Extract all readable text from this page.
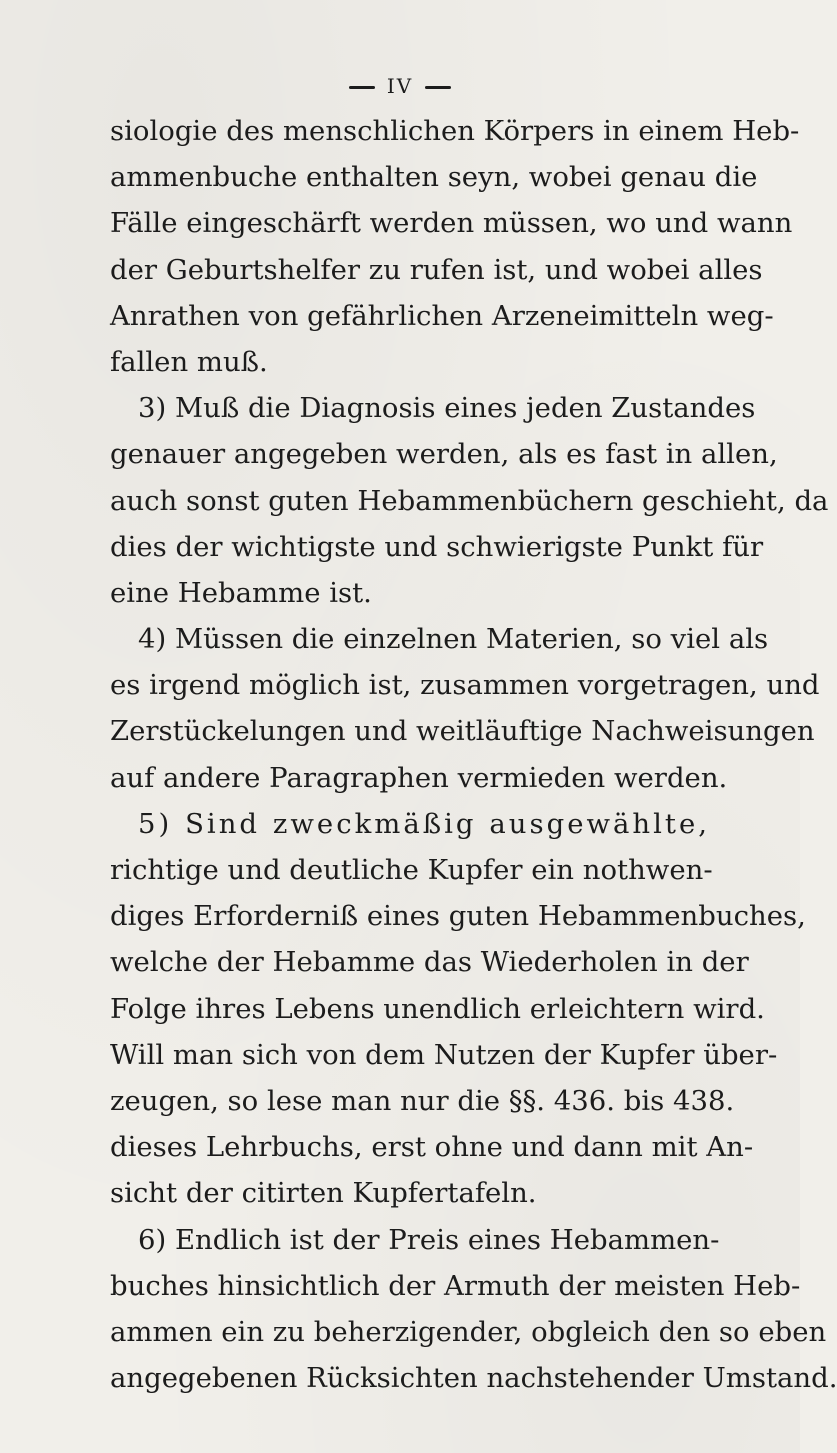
IV
siologie des menschlichen Körpers in einem Heb-
ammenbuche enthalten seyn, wobei genau die
Fälle eingeschärft werden müssen, wo und wann
der Geburtshelfer zu rufen ist, und wobei alles
Anrathen von gefährlichen Arzeneimitteln weg-
fallen muß.
3) Muß die Diagnosis eines jeden Zustandes
genauer angegeben werden, als es fast in allen,
auch sonst guten Hebammenbüchern geschieht, da
dies der wichtigste und schwierigste Punkt für
eine Hebamme ist.
4) Müssen die einzelnen Materien, so viel als
es irgend möglich ist, zusammen vorgetragen, und
Zerstückelungen und weitläuftige Nachweisungen
auf andere Paragraphen vermieden werden.
5) Sind zweckmäßig ausgewählte,
richtige und deutliche Kupfer ein nothwen-
diges Erforderniß eines guten Hebammenbuches,
welche der Hebamme das Wiederholen in der
Folge ihres Lebens unendlich erleichtern wird.
Will man sich von dem Nutzen der Kupfer über-
zeugen, so lese man nur die §§. 436. bis 438.
dieses Lehrbuchs, erst ohne und dann mit An-
sicht der citirten Kupfertafeln.
6) Endlich ist der Preis eines Hebammen-
buches hinsichtlich der Armuth der meisten Heb-
ammen ein zu beherzigender, obgleich den so eben
angegebenen Rücksichten nachstehender Umstand.
